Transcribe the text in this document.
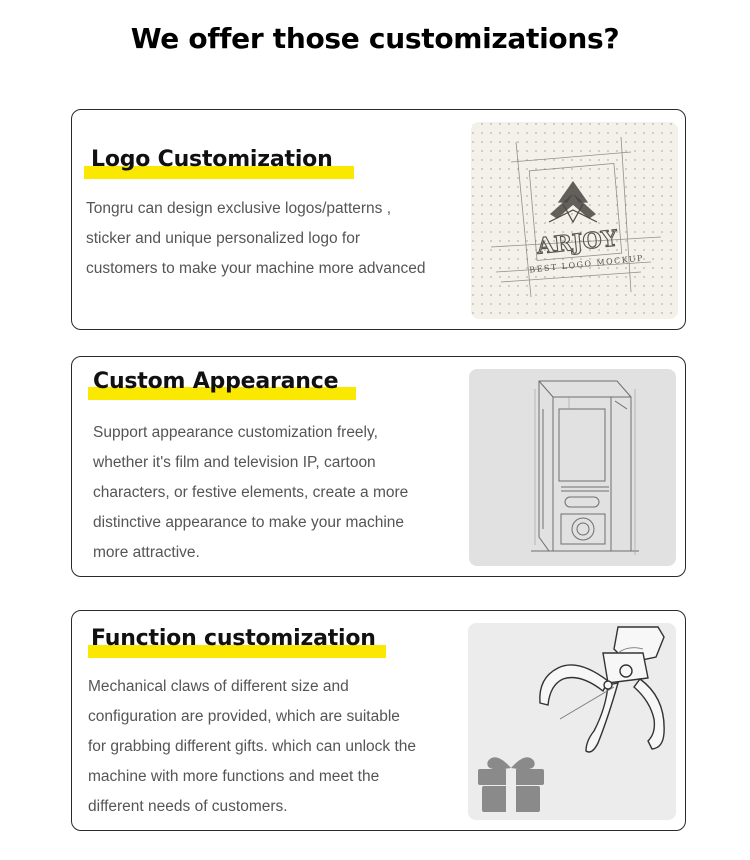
We offer those customizations?
Logo Customization
Tongru can design exclusive logos/patterns ,
sticker and unique personalized logo for
customers to make your machine more advanced
ARJOY
BEST LOGO MOCKUP
Custom Appearance
Support appearance customization freely,
whether it's film and television IP, cartoon
characters, or festive elements, create a more
distinctive appearance to make your machine
more attractive.
Function customization
Mechanical claws of different size and
configuration are provided, which are suitable
for grabbing different gifts. which can unlock the
machine with more functions and meet the
different needs of customers.
